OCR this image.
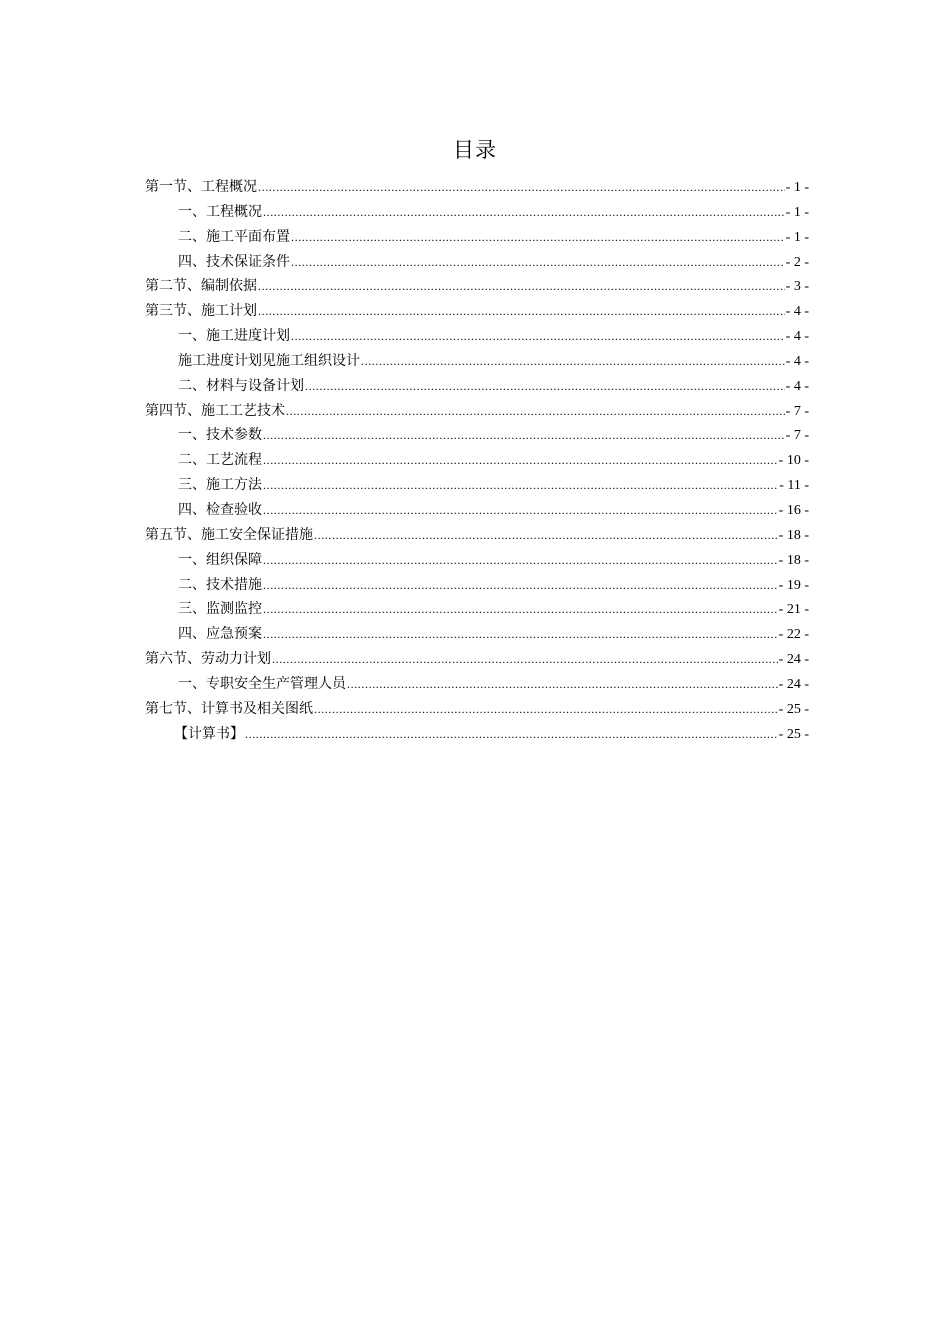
目录
第一节、工程概况 .....	- 1 -
一、工程概况 .....	- 1 -
二、施工平面布置 .....	- 1 -
四、技术保证条件 .....	- 2 -
第二节、编制依据 .....	- 3 -
第三节、施工计划 .....	- 4 -
一、施工进度计划 .....	- 4 -
施工进度计划见施工组织设计 .....	- 4 -
二、材料与设备计划 .....	- 4 -
第四节、施工工艺技术 .....	- 7 -
一、技术参数 .....	- 7 -
二、工艺流程 .....	- 10 -
三、施工方法 .....	- 11 -
四、检查验收 .....	- 16 -
第五节、施工安全保证措施 .....	- 18 -
一、组织保障 .....	- 18 -
二、技术措施 .....	- 19 -
三、监测监控 .....	- 21 -
四、应急预案 .....	- 22 -
第六节、劳动力计划 .....	- 24 -
一、专职安全生产管理人员 .....	- 24 -
第七节、计算书及相关图纸 .....	- 25 -
【计算书】 .....	- 25 -
